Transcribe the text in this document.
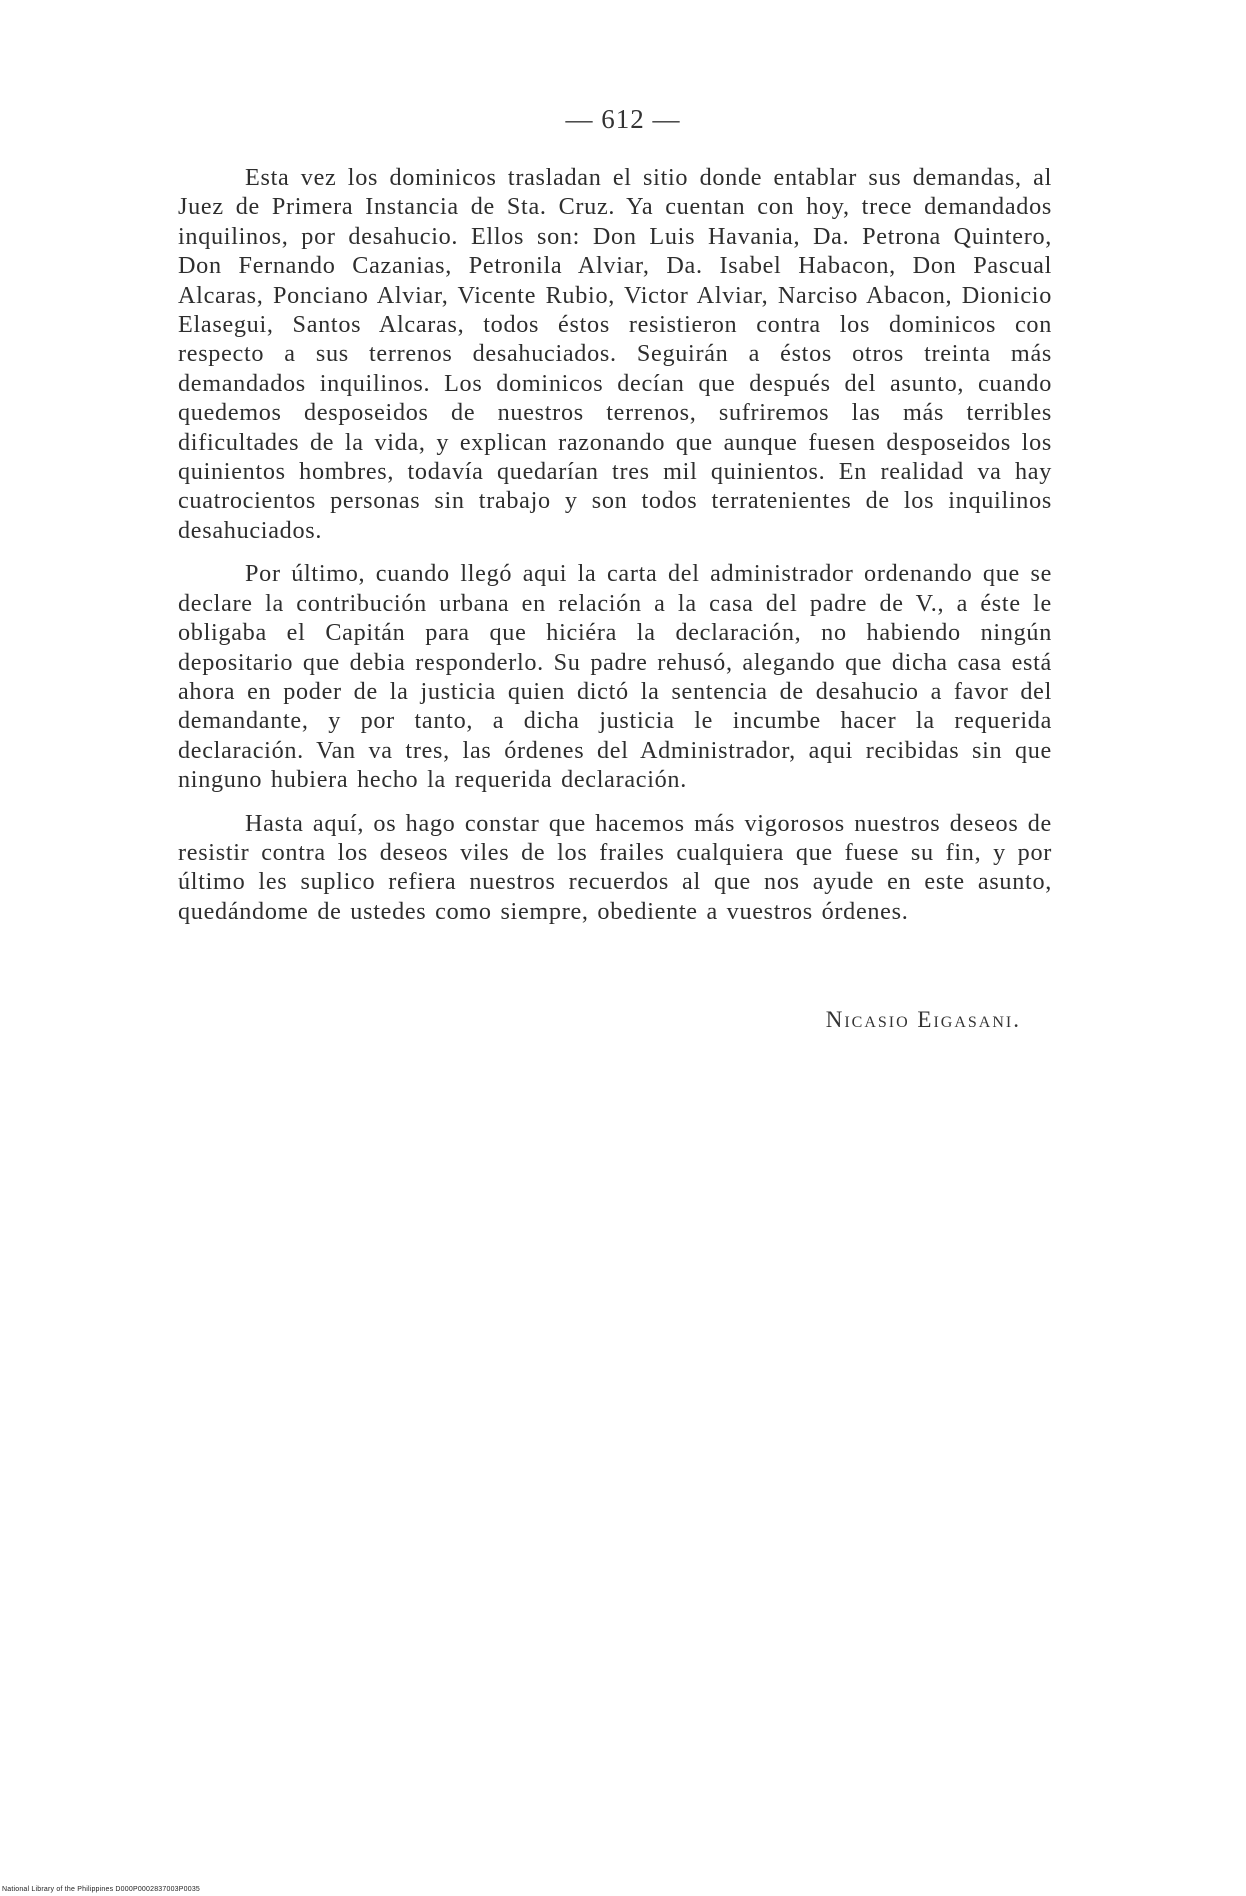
— 612 —

Esta vez los dominicos trasladan el sitio donde entablar sus demandas, al Juez de Primera Instancia de Sta. Cruz. Ya cuentan con hoy, trece demandados inquilinos, por desahucio. Ellos son: Don Luis Havania, Da. Petrona Quintero, Don Fernando Cazanias, Petronila Alviar, Da. Isabel Habacon, Don Pascual Alcaras, Ponciano Alviar, Vicente Rubio, Victor Alviar, Narciso Abacon, Dionicio Elasegui, Santos Alcaras, todos éstos resistieron contra los dominicos con respecto a sus terrenos desahuciados. Seguirán a éstos otros treinta más demandados inquilinos. Los dominicos decían que después del asunto, cuando quedemos desposeidos de nuestros terrenos, sufriremos las más terribles dificultades de la vida, y explican razonando que aunque fuesen desposeidos los quinientos hombres, todavía quedarían tres mil quinientos. En realidad va hay cuatrocientos personas sin trabajo y son todos terratenientes de los inquilinos desahuciados.

Por último, cuando llegó aqui la carta del administrador ordenando que se declare la contribución urbana en relación a la casa del padre de V., a éste le obligaba el Capitán para que hiciéra la declaración, no habiendo ningún depositario que debia responderlo. Su padre rehusó, alegando que dicha casa está ahora en poder de la justicia quien dictó la sentencia de desahucio a favor del demandante, y por tanto, a dicha justicia le incumbe hacer la requerida declaración. Van va tres, las órdenes del Administrador, aqui recibidas sin que ninguno hubiera hecho la requerida declaración.

Hasta aquí, os hago constar que hacemos más vigorosos nuestros deseos de resistir contra los deseos viles de los frailes cualquiera que fuese su fin, y por último les suplico refiera nuestros recuerdos al que nos ayude en este asunto, quedándome de ustedes como siempre, obediente a vuestros órdenes.

Nicasio Eigasani.
National Library of the Philippines D000P0002837003P0035
